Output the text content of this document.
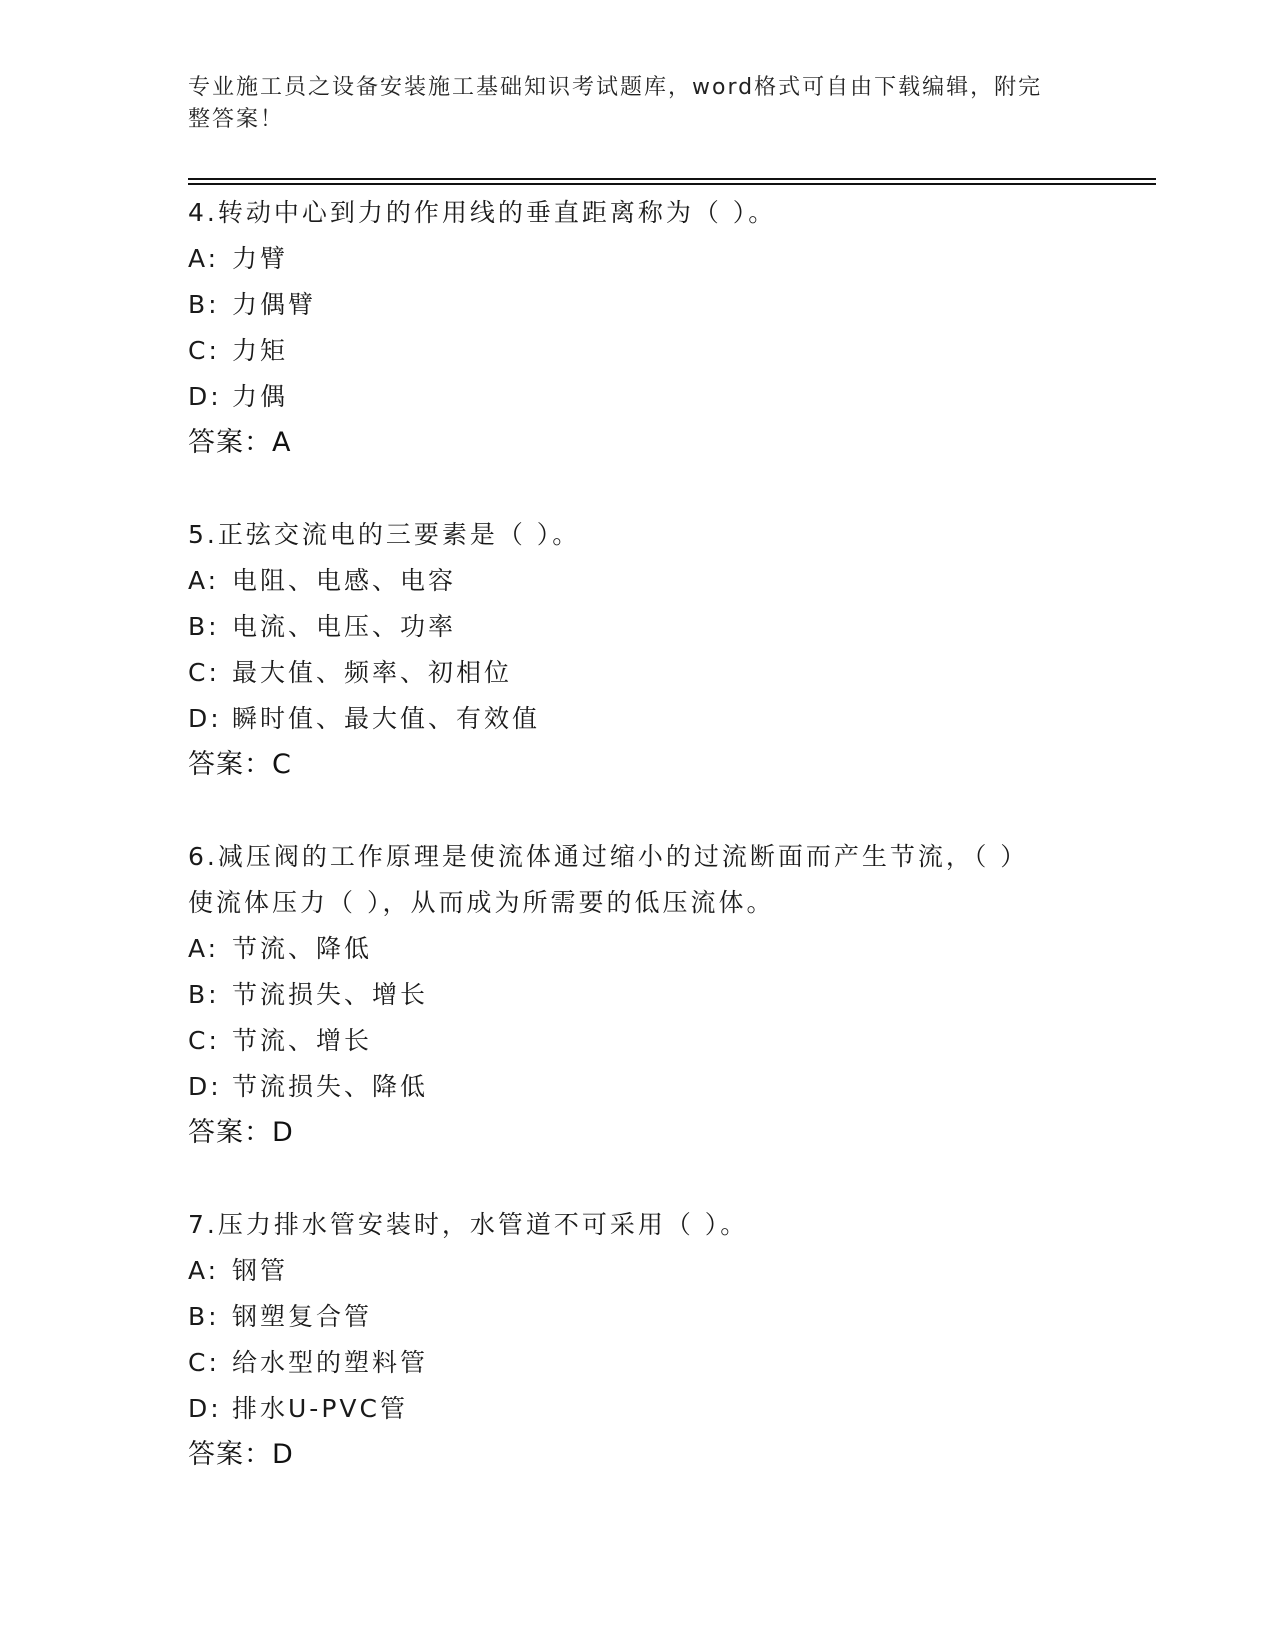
专业施工员之设备安装施工基础知识考试题库，word格式可自由下载编辑，附完
整答案！
4.转动中心到力的作用线的垂直距离称为（ ）。
A: 力臂
B: 力偶臂
C: 力矩
D: 力偶
答案：A
5.正弦交流电的三要素是（ ）。
A: 电阻、电感、电容
B: 电流、电压、功率
C: 最大值、频率、初相位
D: 瞬时值、最大值、有效值
答案：C
6.减压阀的工作原理是使流体通过缩小的过流断面而产生节流，（ ）
使流体压力（ ），从而成为所需要的低压流体。
A: 节流、降低
B: 节流损失、增长
C: 节流、增长
D: 节流损失、降低
答案：D
7.压力排水管安装时，水管道不可采用（ ）。
A: 钢管
B: 钢塑复合管
C: 给水型的塑料管
D: 排水U-PVC管
答案：D
